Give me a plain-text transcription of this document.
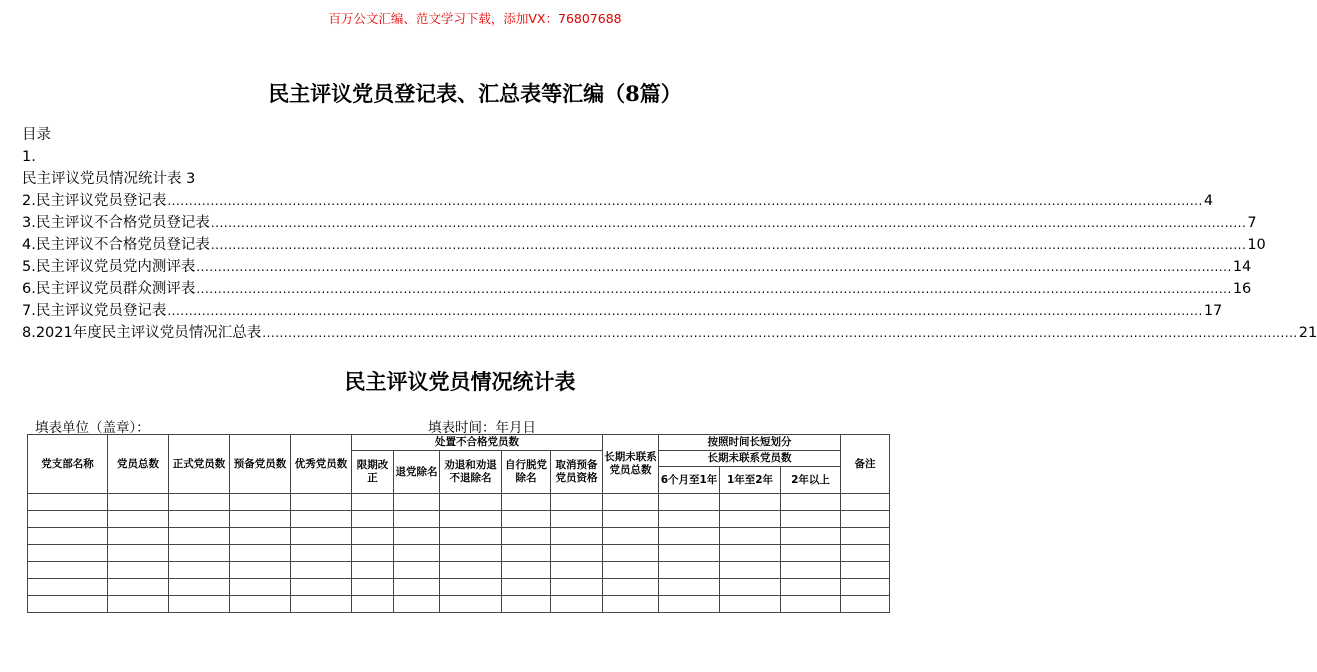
百万公文汇编、范文学习下载，添加VX：76807688
民主评议党员登记表、汇总表等汇编（8篇）
目录
1.
民主评议党员情况统计表 3
2.民主评议党员登记表 ................................................................................................................................................................................................................................................ 4
3.民主评议不合格党员登记表 ................................................................................................................................................................................................................................................ 7
4.民主评议不合格党员登记表 ................................................................................................................................................................................................................................................ 10
5.民主评议党员党内测评表 ................................................................................................................................................................................................................................................ 14
6.民主评议党员群众测评表 ................................................................................................................................................................................................................................................ 16
7.民主评议党员登记表 ................................................................................................................................................................................................................................................ 17
8.2021年度民主评议党员情况汇总表 ................................................................................................................................................................................................................................................ 21
民主评议党员情况统计表
填表单位（盖章）：	填表时间：年月日
党支部名称	党员总数	正式党员数	预备党员数	优秀党员数	处置不合格党员数					长期未联系党员总数	按照时间长短划分			备注
					限期改正	退党除名	劝退和劝退不退除名	自行脱党除名	取消预备党员资格		长期未联系党员数			
											6个月至1年	1年至2年	2年以上	
